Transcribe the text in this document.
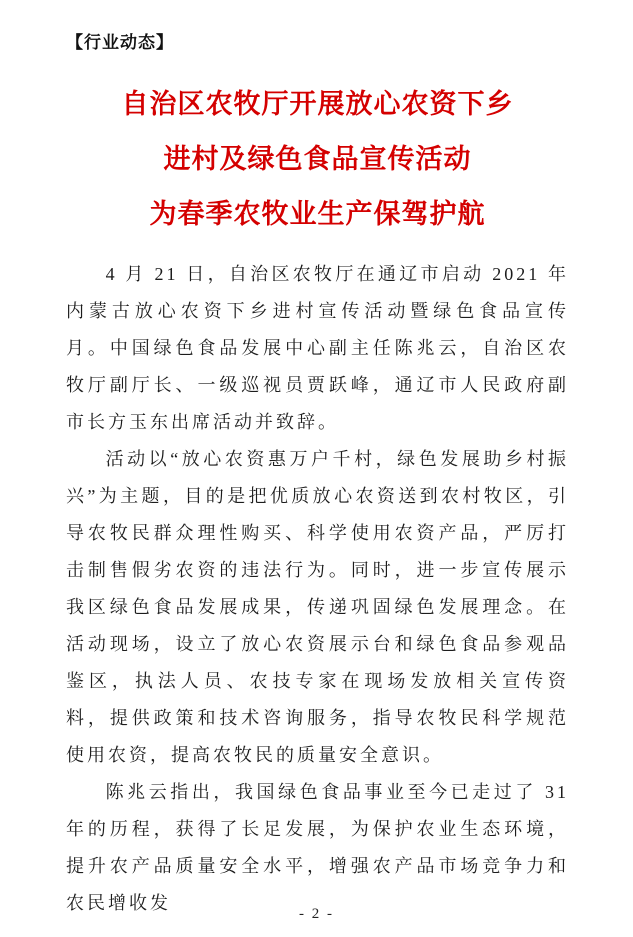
【行业动态】
自治区农牧厅开展放心农资下乡
进村及绿色食品宣传活动
为春季农牧业生产保驾护航

4 月 21 日，自治区农牧厅在通辽市启动 2021 年内蒙古放心农资下乡进村宣传活动暨绿色食品宣传月。中国绿色食品发展中心副主任陈兆云，自治区农牧厅副厅长、一级巡视员贾跃峰，通辽市人民政府副市长方玉东出席活动并致辞。

活动以“放心农资惠万户千村，绿色发展助乡村振兴”为主题，目的是把优质放心农资送到农村牧区，引导农牧民群众理性购买、科学使用农资产品，严厉打击制售假劣农资的违法行为。同时，进一步宣传展示我区绿色食品发展成果，传递巩固绿色发展理念。在活动现场，设立了放心农资展示台和绿色食品参观品鉴区，执法人员、农技专家在现场发放相关宣传资料，提供政策和技术咨询服务，指导农牧民科学规范使用农资，提高农牧民的质量安全意识。

陈兆云指出，我国绿色食品事业至今已走过了 31 年的历程，获得了长足发展，为保护农业生态环境，提升农产品质量安全水平，增强农产品市场竞争力和农民增收发

- 2 -
